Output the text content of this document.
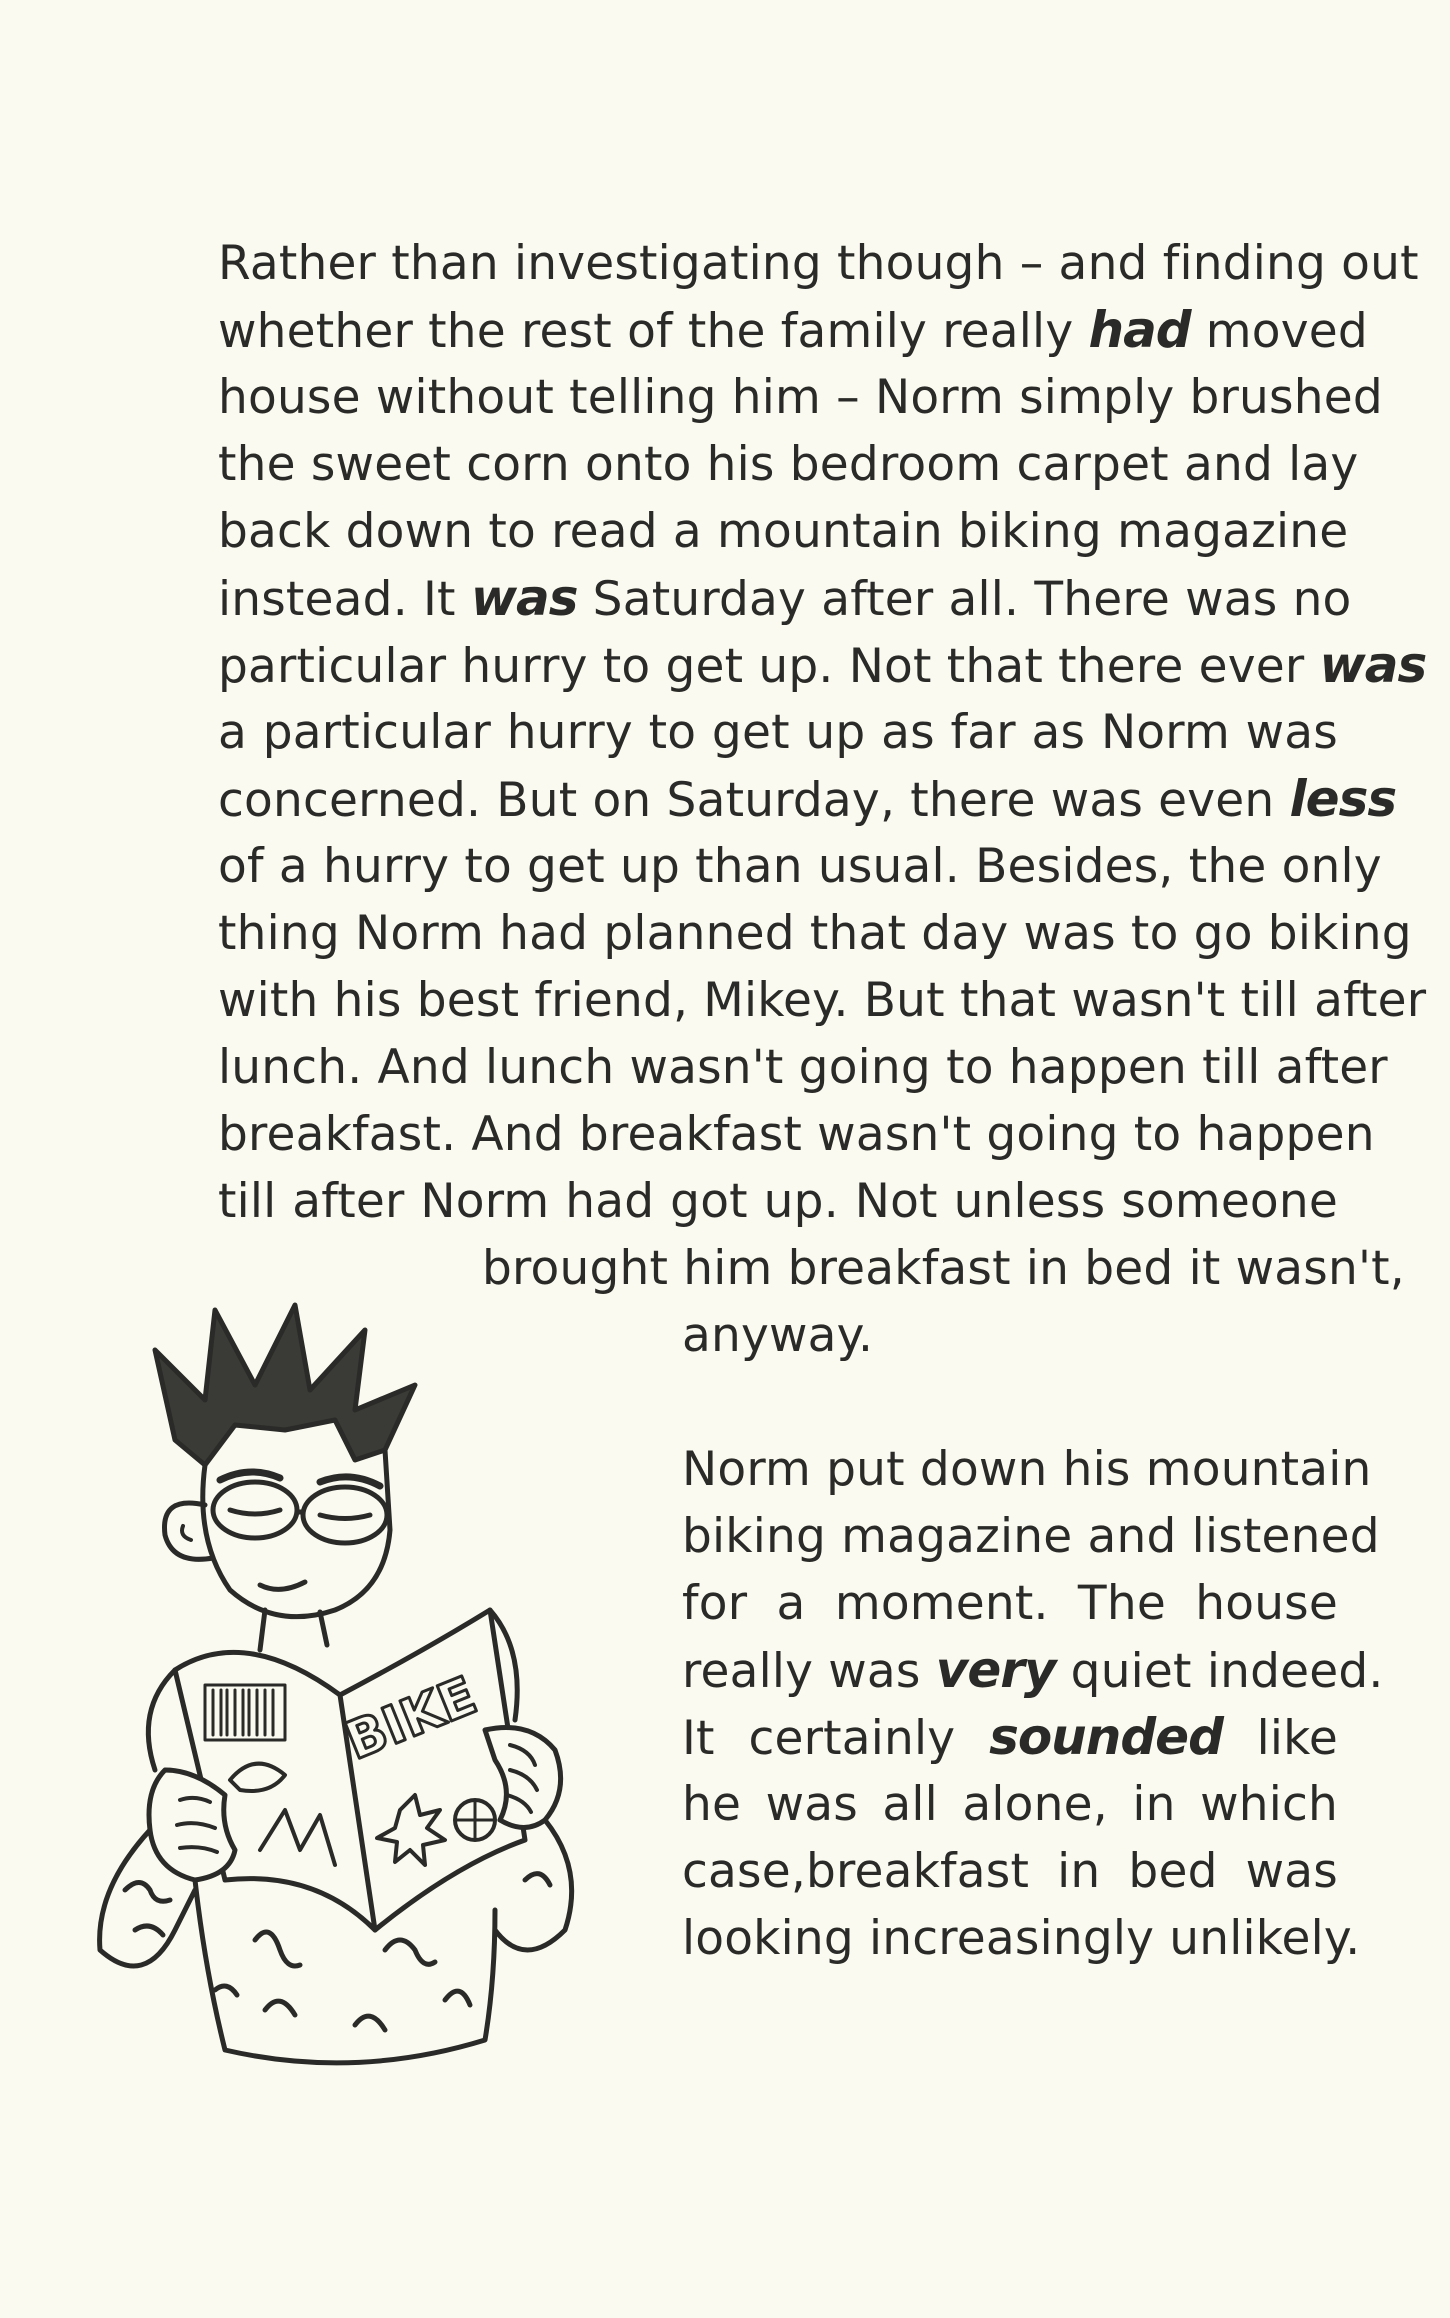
Rather than investigating though – and finding out
whether the rest of the family really had moved
house without telling him – Norm simply brushed
the sweet corn onto his bedroom carpet and lay
back down to read a mountain biking magazine
instead. It was Saturday after all. There was no
particular hurry to get up. Not that there ever was
a particular hurry to get up as far as Norm was
concerned. But on Saturday, there was even less
of a hurry to get up than usual. Besides, the only
thing Norm had planned that day was to go biking
with his best friend, Mikey. But that wasn't till after
lunch. And lunch wasn't going to happen till after
breakfast. And breakfast wasn't going to happen
till after Norm had got up. Not unless someone
brought him breakfast in bed it wasn't,
anyway.
Norm put down his mountain
biking magazine and listened
for a moment. The house
really was very quiet indeed.
It certainly sounded like
he was all alone, in which
case,breakfast in bed was
looking increasingly unlikely.
BIKE
